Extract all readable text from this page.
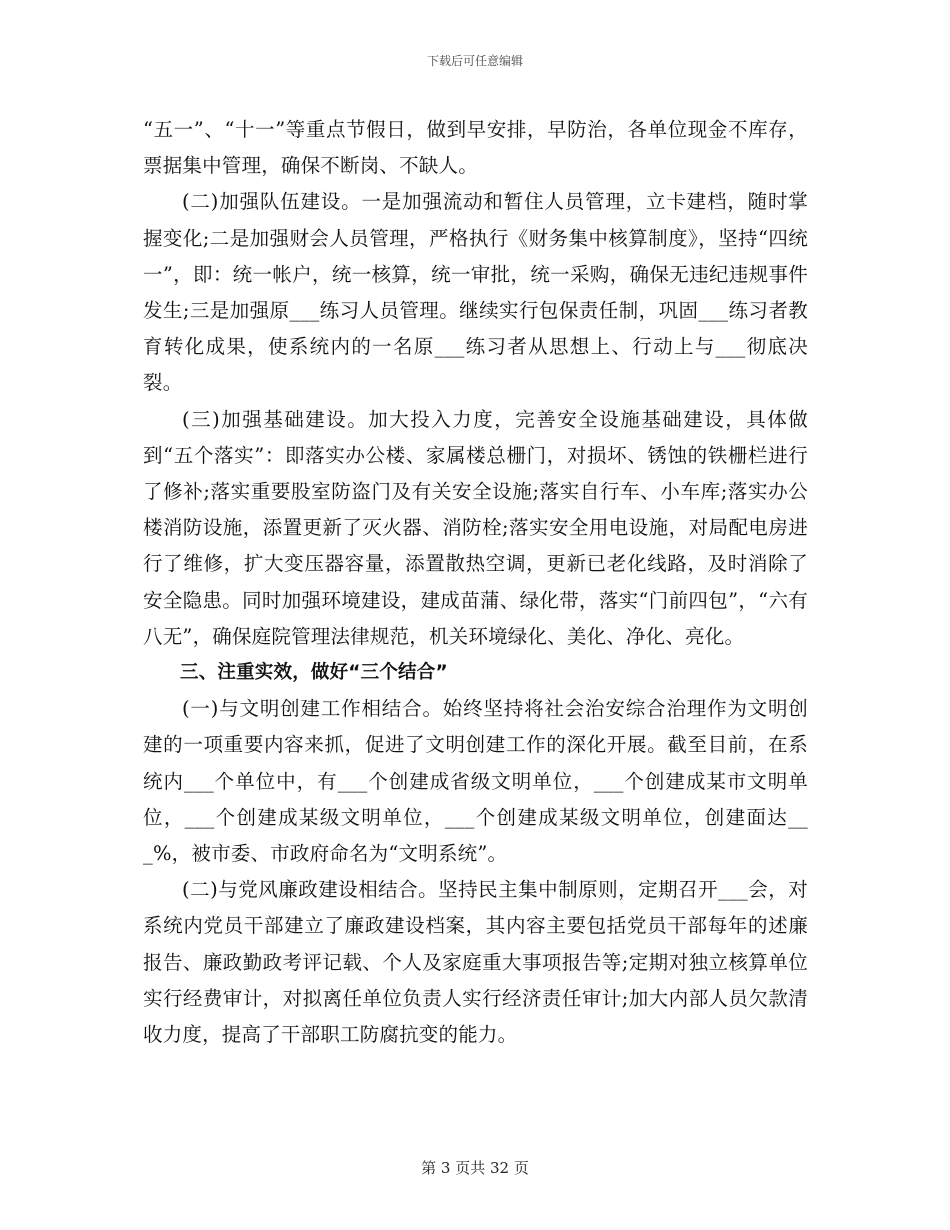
下载后可任意编辑

“五一”、“十一”等重点节假日，做到早安排，早防治，各单位现金不库存，票据集中管理，确保不断岗、不缺人。

(二)加强队伍建设。一是加强流动和暂住人员管理，立卡建档，随时掌握变化;二是加强财会人员管理，严格执行《财务集中核算制度》，坚持“四统一”，即：统一帐户，统一核算，统一审批，统一采购，确保无违纪违规事件发生;三是加强原___练习人员管理。继续实行包保责任制，巩固___练习者教育转化成果，使系统内的一名原___练习者从思想上、行动上与___彻底决裂。

(三)加强基础建设。加大投入力度，完善安全设施基础建设，具体做到“五个落实”：即落实办公楼、家属楼总栅门，对损坏、锈蚀的铁栅栏进行了修补;落实重要股室防盗门及有关安全设施;落实自行车、小车库;落实办公楼消防设施，添置更新了灭火器、消防栓;落实安全用电设施，对局配电房进行了维修，扩大变压器容量，添置散热空调，更新已老化线路，及时消除了安全隐患。同时加强环境建设，建成苗蒲、绿化带，落实“门前四包”，“六有八无”，确保庭院管理法律规范，机关环境绿化、美化、净化、亮化。

三、注重实效，做好“三个结合”

(一)与文明创建工作相结合。始终坚持将社会治安综合治理作为文明创建的一项重要内容来抓，促进了文明创建工作的深化开展。截至目前，在系统内___个单位中，有___个创建成省级文明单位，___个创建成某市文明单位，___个创建成某级文明单位，___个创建成某级文明单位，创建面达___%，被市委、市政府命名为“文明系统”。

(二)与党风廉政建设相结合。坚持民主集中制原则，定期召开___会，对系统内党员干部建立了廉政建设档案，其内容主要包括党员干部每年的述廉报告、廉政勤政考评记载、个人及家庭重大事项报告等;定期对独立核算单位实行经费审计，对拟离任单位负责人实行经济责任审计;加大内部人员欠款清收力度，提高了干部职工防腐抗变的能力。

第 3 页共 32 页
